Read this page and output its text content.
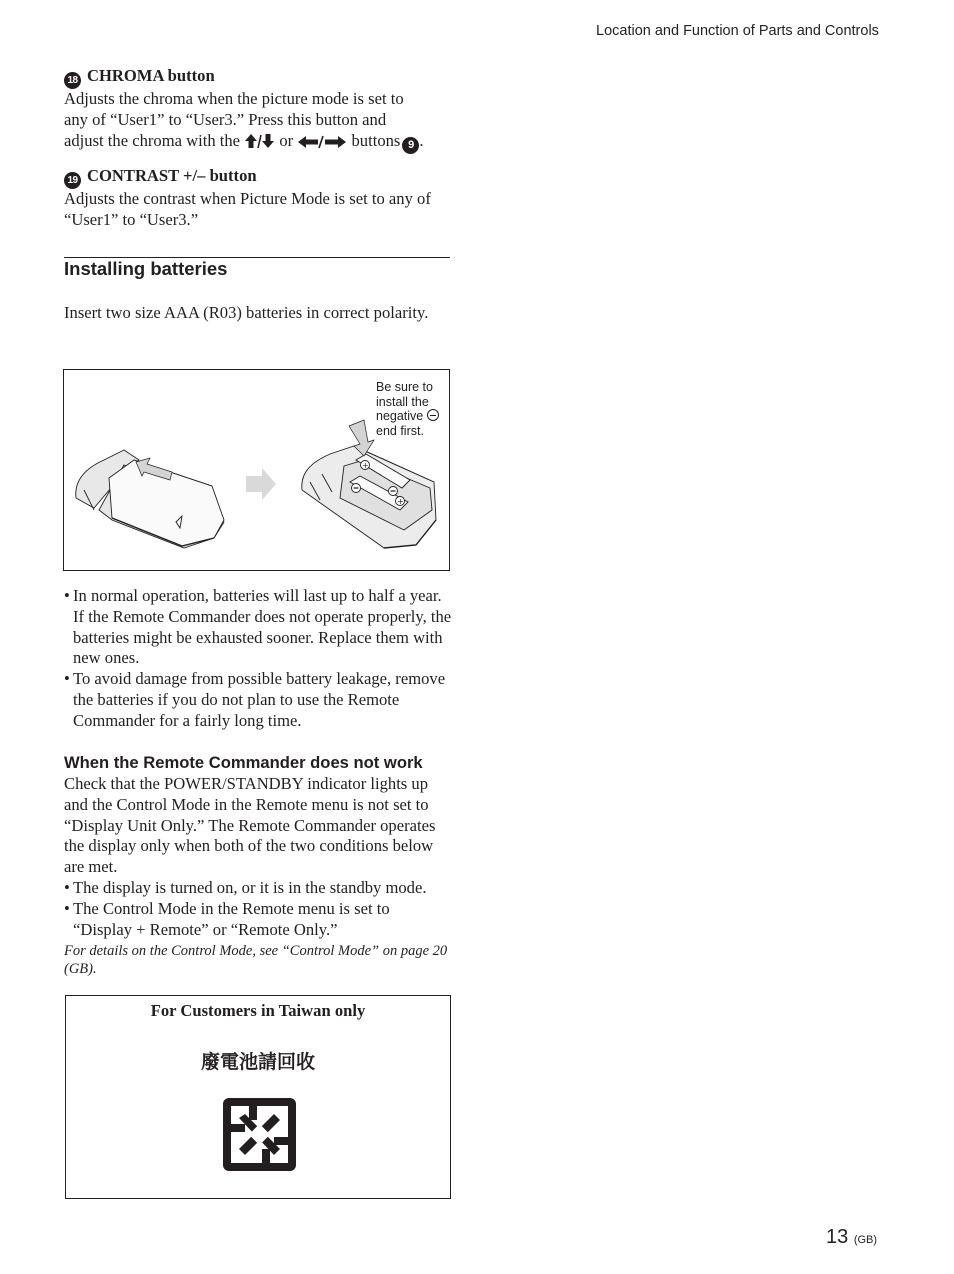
Location and Function of Parts and Controls
18 CHROMA button
Adjusts the chroma when the picture mode is set to
any of “User1” to “User3.” Press this button and
adjust the chroma with the or	buttons 9 .
19 CONTRAST +/– button
Adjusts the contrast when Picture Mode is set to any of “User1” to “User3.”
Installing batteries
Insert two size AAA (R03) batteries in correct polarity.
+
+
Be sure to
install the
negative
end first.
• In normal operation, batteries will last up to half a year. If the Remote Commander does not operate properly, the batteries might be exhausted sooner. Replace them with new ones.
• To avoid damage from possible battery leakage, remove the batteries if you do not plan to use the Remote Commander for a fairly long time.
When the Remote Commander does not work
Check that the POWER/STANDBY indicator lights up and the Control Mode in the Remote menu is not set to “Display Unit Only.” The Remote Commander operates the display only when both of the two conditions below are met.
• The display is turned on, or it is in the standby mode.
• The Control Mode in the Remote menu is set to “Display + Remote” or “Remote Only.”
For details on the Control Mode, see “Control Mode” on page 20 (GB).
For Customers in Taiwan only
廢電池請回收
13 (GB)
